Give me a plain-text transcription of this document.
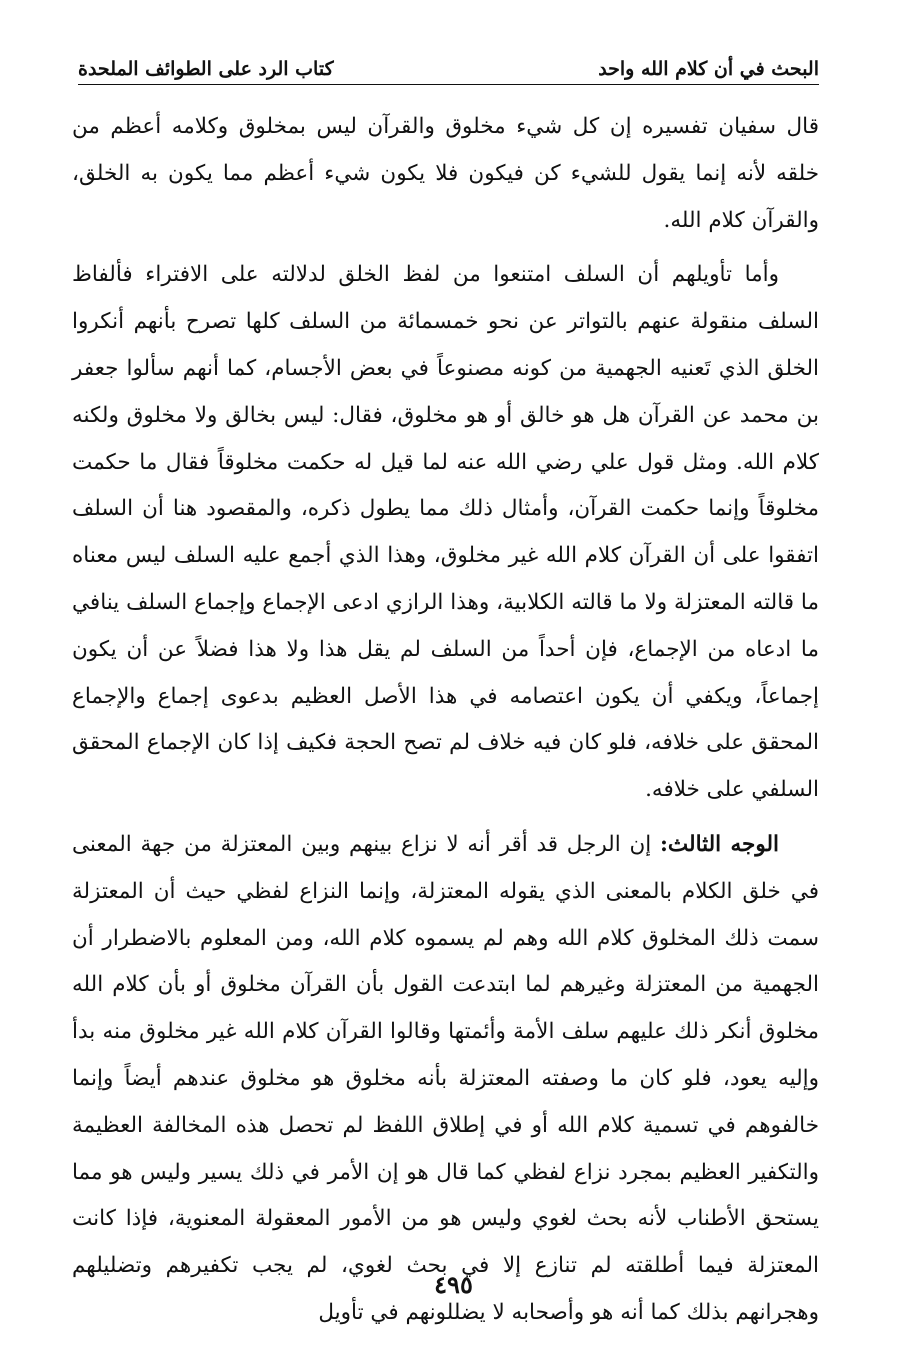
البحث في أن كلام الله واحد
كتاب الرد على الطوائف الملحدة

قال سفيان تفسيره إن كل شيء مخلوق والقرآن ليس بمخلوق وكلامه أعظم من خلقه لأنه إنما يقول للشيء كن فيكون فلا يكون شيء أعظم مما يكون به الخلق، والقرآن كلام الله.

وأما تأويلهم أن السلف امتنعوا من لفظ الخلق لدلالته على الافتراء فألفاظ السلف منقولة عنهم بالتواتر عن نحو خمسمائة من السلف كلها تصرح بأنهم أنكروا الخلق الذي تَعنيه الجهمية من كونه مصنوعاً في بعض الأجسام، كما أنهم سألوا جعفر بن محمد عن القرآن هل هو خالق أو هو مخلوق، فقال: ليس بخالق ولا مخلوق ولكنه كلام الله. ومثل قول علي رضي الله عنه لما قيل له حكمت مخلوقاً فقال ما حكمت مخلوقاً وإنما حكمت القرآن، وأمثال ذلك مما يطول ذكره، والمقصود هنا أن السلف اتفقوا على أن القرآن كلام الله غير مخلوق، وهذا الذي أجمع عليه السلف ليس معناه ما قالته المعتزلة ولا ما قالته الكلابية، وهذا الرازي ادعى الإجماع وإجماع السلف ينافي ما ادعاه من الإجماع، فإن أحداً من السلف لم يقل هذا ولا هذا فضلاً عن أن يكون إجماعاً، ويكفي أن يكون اعتصامه في هذا الأصل العظيم بدعوى إجماع والإجماع المحقق على خلافه، فلو كان فيه خلاف لم تصح الحجة فكيف إذا كان الإجماع المحقق السلفي على خلافه.

الوجه الثالث: إن الرجل قد أقر أنه لا نزاع بينهم وبين المعتزلة من جهة المعنى في خلق الكلام بالمعنى الذي يقوله المعتزلة، وإنما النزاع لفظي حيث أن المعتزلة سمت ذلك المخلوق كلام الله وهم لم يسموه كلام الله، ومن المعلوم بالاضطرار أن الجهمية من المعتزلة وغيرهم لما ابتدعت القول بأن القرآن مخلوق أو بأن كلام الله مخلوق أنكر ذلك عليهم سلف الأمة وأئمتها وقالوا القرآن كلام الله غير مخلوق منه بدأ وإليه يعود، فلو كان ما وصفته المعتزلة بأنه مخلوق هو مخلوق عندهم أيضاً وإنما خالفوهم في تسمية كلام الله أو في إطلاق اللفظ لم تحصل هذه المخالفة العظيمة والتكفير العظيم بمجرد نزاع لفظي كما قال هو إن الأمر في ذلك يسير وليس هو مما يستحق الأطناب لأنه بحث لغوي وليس هو من الأمور المعقولة المعنوية، فإذا كانت المعتزلة فيما أطلقته لم تنازع إلا في بحث لغوي، لم يجب تكفيرهم وتضليلهم وهجرانهم بذلك كما أنه هو وأصحابه لا يضللونهم في تأويل

٤٩٥
